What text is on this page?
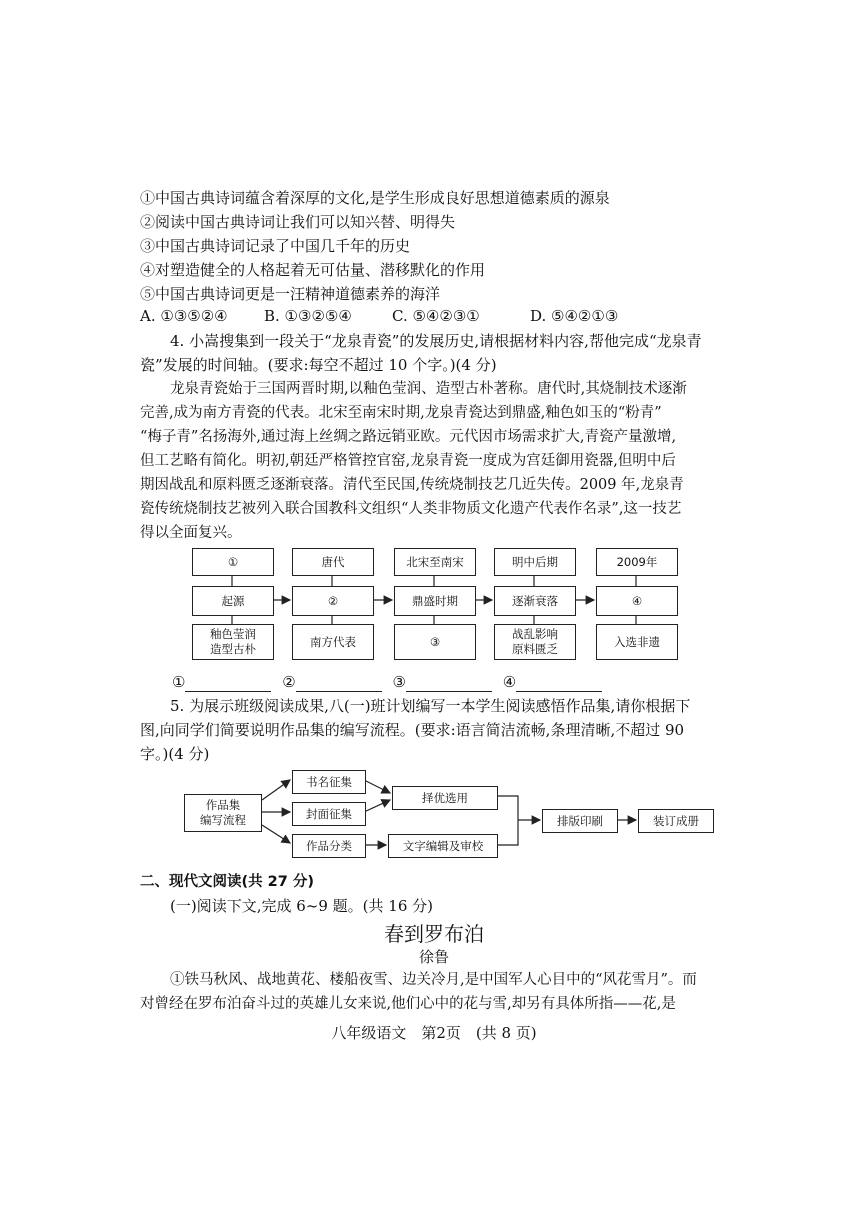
①中国古典诗词蕴含着深厚的文化,是学生形成良好思想道德素质的源泉
②阅读中国古典诗词让我们可以知兴替、明得失
③中国古典诗词记录了中国几千年的历史
④对塑造健全的人格起着无可估量、潜移默化的作用
⑤中国古典诗词更是一汪精神道德素养的海洋
A. ①③⑤②④ B. ①③②⑤④	C. ⑤④②③①	D. ⑤④②①③
4. 小嵩搜集到一段关于“龙泉青瓷”的发展历史,请根据材料内容,帮他完成“龙泉青
瓷”发展的时间轴。(要求:每空不超过 10 个字。)(4 分)
龙泉青瓷始于三国两晋时期,以釉色莹润、造型古朴著称。唐代时,其烧制技术逐渐
完善,成为南方青瓷的代表。北宋至南宋时期,龙泉青瓷达到鼎盛,釉色如玉的“粉青”
“梅子青”名扬海外,通过海上丝绸之路远销亚欧。元代因市场需求扩大,青瓷产量激增,
但工艺略有简化。明初,朝廷严格管控官窑,龙泉青瓷一度成为宫廷御用瓷器,但明中后
期因战乱和原料匮乏逐渐衰落。清代至民国,传统烧制技艺几近失传。2009 年,龙泉青
瓷传统烧制技艺被列入联合国教科文组织“人类非物质文化遗产代表作名录”,这一技艺
得以全面复兴。
①	唐代	北宋至南宋	明中后期	2009年
起源	②	鼎盛时期	逐渐衰落	④
釉色莹润
造型古朴
南方代表	③
战乱影响
原料匮乏
入选非遗
①	②	③	④
5. 为展示班级阅读成果,八(一)班计划编写一本学生阅读感悟作品集,请你根据下
图,向同学们简要说明作品集的编写流程。(要求:语言简洁流畅,条理清晰,不超过 90
字。)(4 分)
作品集
编写流程
书名征集
封面征集
作品分类
择优选用
文字编辑及审校
排版印刷	装订成册
二、现代文阅读(共 27 分)
(一)阅读下文,完成 6~9 题。(共 16 分)
春到罗布泊
徐鲁
①铁马秋风、战地黄花、楼船夜雪、边关冷月,是中国军人心目中的“风花雪月”。而
对曾经在罗布泊奋斗过的英雄儿女来说,他们心中的花与雪,却另有具体所指——花,是
八年级语文　第2页　(共 8 页)
